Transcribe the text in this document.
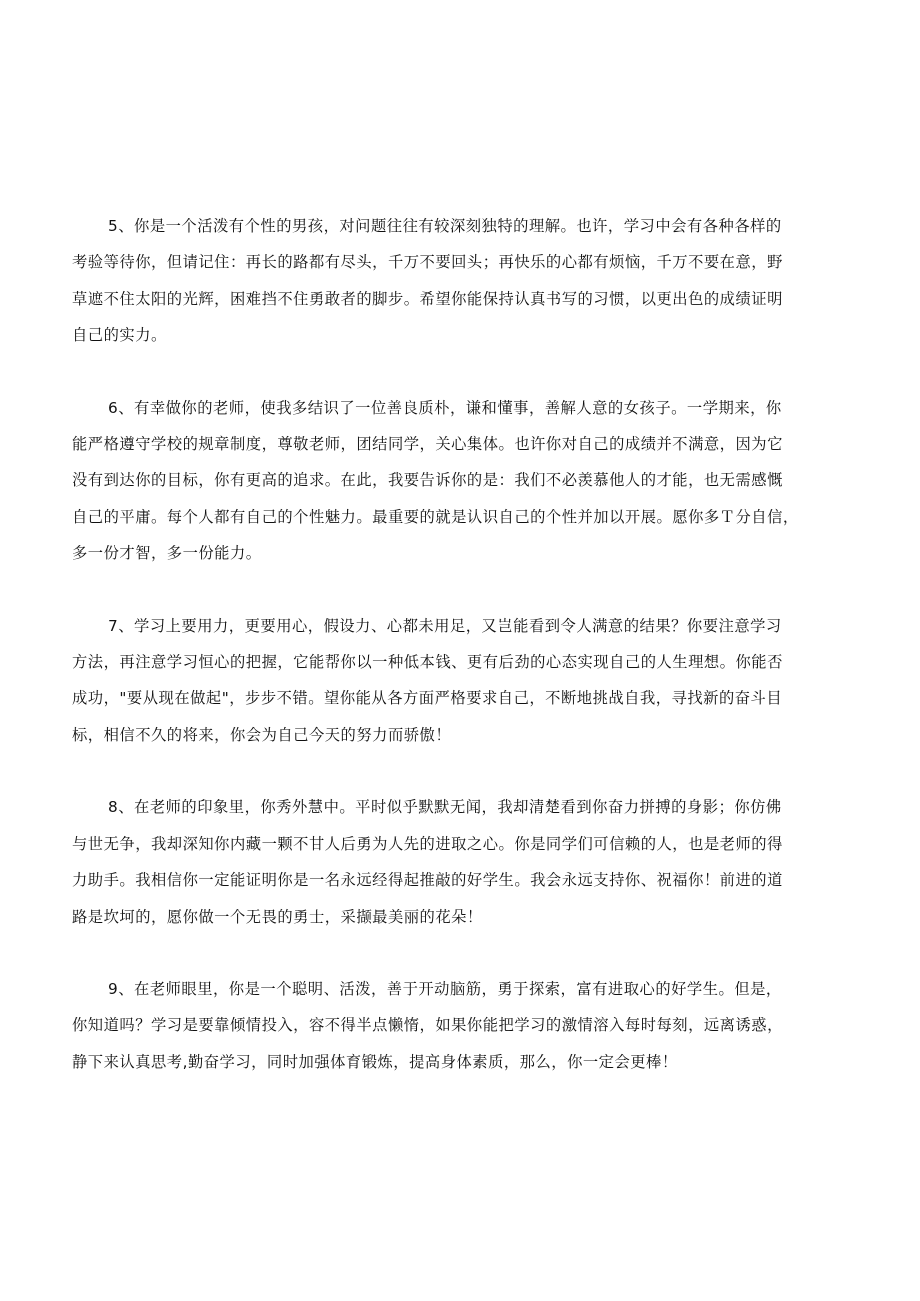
5、你是一个活泼有个性的男孩，对问题往往有较深刻独特的理解。也许，学习中会有各种各样的
考验等待你，但请记住：再长的路都有尽头，千万不要回头；再快乐的心都有烦恼，千万不要在意，野
草遮不住太阳的光辉，困难挡不住勇敢者的脚步。希望你能保持认真书写的习惯，以更出色的成绩证明
自己的实力。
6、有幸做你的老师，使我多结识了一位善良质朴，谦和懂事，善解人意的女孩子。一学期来，你
能严格遵守学校的规章制度，尊敬老师，团结同学，关心集体。也许你对自己的成绩并不满意，因为它
没有到达你的目标，你有更高的追求。在此，我要告诉你的是：我们不必羡慕他人的才能，也无需感慨
自己的平庸。每个人都有自己的个性魅力。最重要的就是认识自己的个性并加以开展。愿你多Ｔ分自信，
多一份才智，多一份能力。
7、学习上要用力，更要用心，假设力、心都未用足，又岂能看到令人满意的结果？你要注意学习
方法，再注意学习恒心的把握，它能帮你以一种低本钱、更有后劲的心态实现自己的人生理想。你能否
成功，"要从现在做起"，步步不错。望你能从各方面严格要求自己，不断地挑战自我，寻找新的奋斗目
标，相信不久的将来，你会为自己今天的努力而骄傲！
8、在老师的印象里，你秀外慧中。平时似乎默默无闻，我却清楚看到你奋力拼搏的身影；你仿佛
与世无争，我却深知你内藏一颗不甘人后勇为人先的进取之心。你是同学们可信赖的人，也是老师的得
力助手。我相信你一定能证明你是一名永远经得起推敲的好学生。我会永远支持你、祝福你！前进的道
路是坎坷的，愿你做一个无畏的勇士，采撷最美丽的花朵！
9、在老师眼里，你是一个聪明、活泼，善于开动脑筋，勇于探索，富有进取心的好学生。但是，
你知道吗？学习是要靠倾情投入，容不得半点懒惰，如果你能把学习的激情溶入每时每刻，远离诱惑，
静下来认真思考,勤奋学习，同时加强体育锻炼，提高身体素质，那么，你一定会更棒！
